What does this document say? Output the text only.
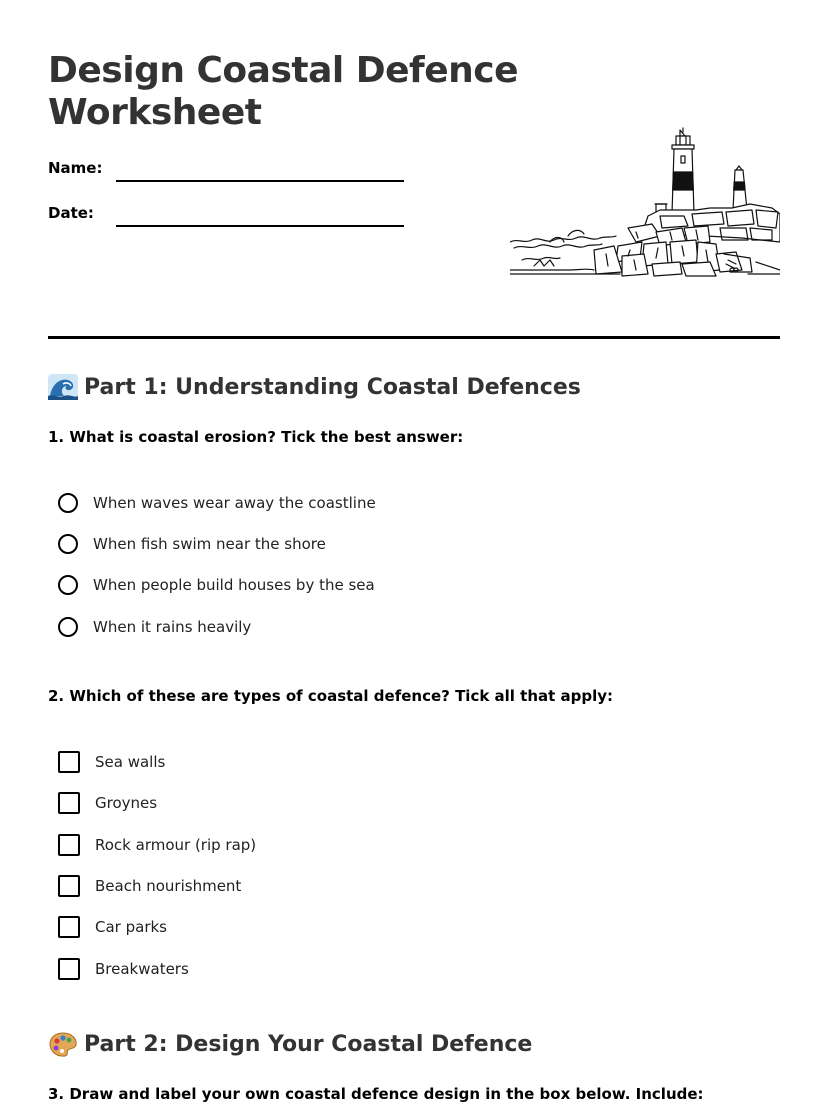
Design Coastal Defence Worksheet
Name:
Date:
Part 1: Understanding Coastal Defences

1. What is coastal erosion? Tick the best answer:

When waves wear away the coastline
When fish swim near the shore
When people build houses by the sea
When it rains heavily

2. Which of these are types of coastal defence? Tick all that apply:

Sea walls
Groynes
Rock armour (rip rap)
Beach nourishment
Car parks
Breakwaters
Part 2: Design Your Coastal Defence

3. Draw and label your own coastal defence design in the box below. Include:
